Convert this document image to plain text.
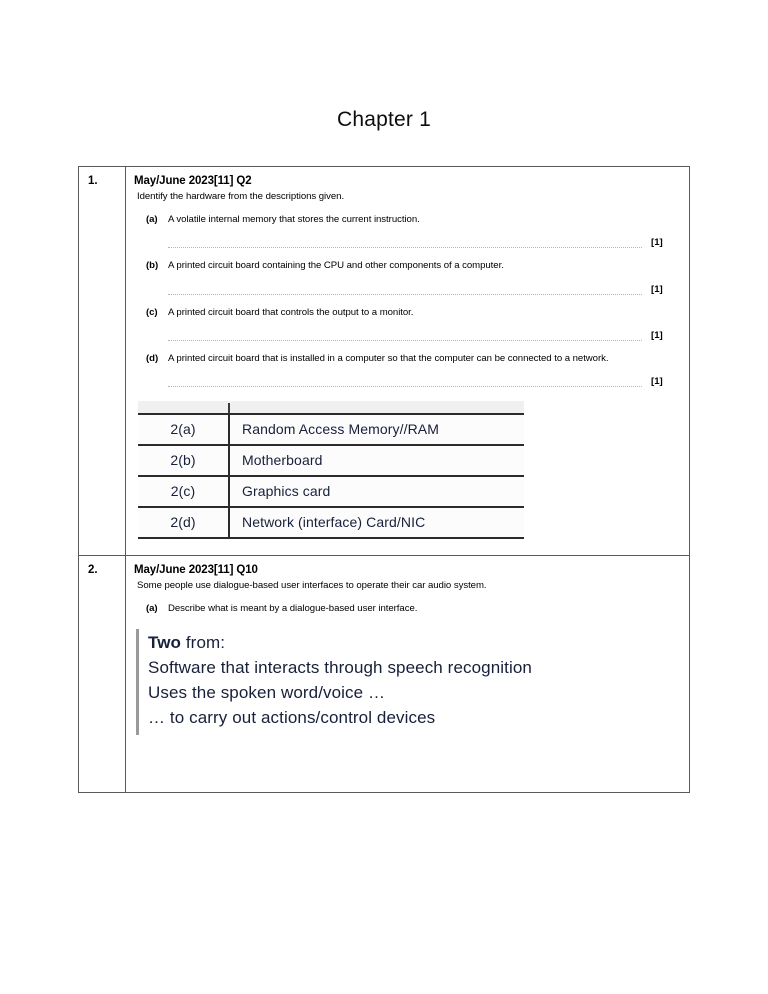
Chapter 1
1.	May/June 2023[11] Q2
Identify the hardware from the descriptions given.
(a)	A volatile internal memory that stores the current instruction.
[1]
(b)	A printed circuit board containing the CPU and other components of a computer.
[1]
(c)	A printed circuit board that controls the output to a monitor.
[1]
(d)	A printed circuit board that is installed in a computer so that the computer can be connected to a network.
[1]
2(a)	Random Access Memory//RAM
2(b)	Motherboard
2(c)	Graphics card
2(d)	Network (interface) Card/NIC
2.	May/June 2023[11] Q10
Some people use dialogue-based user interfaces to operate their car audio system.
(a)	Describe what is meant by a dialogue-based user interface.
Two from:
Software that interacts through speech recognition
Uses the spoken word/voice …
… to carry out actions/control devices
